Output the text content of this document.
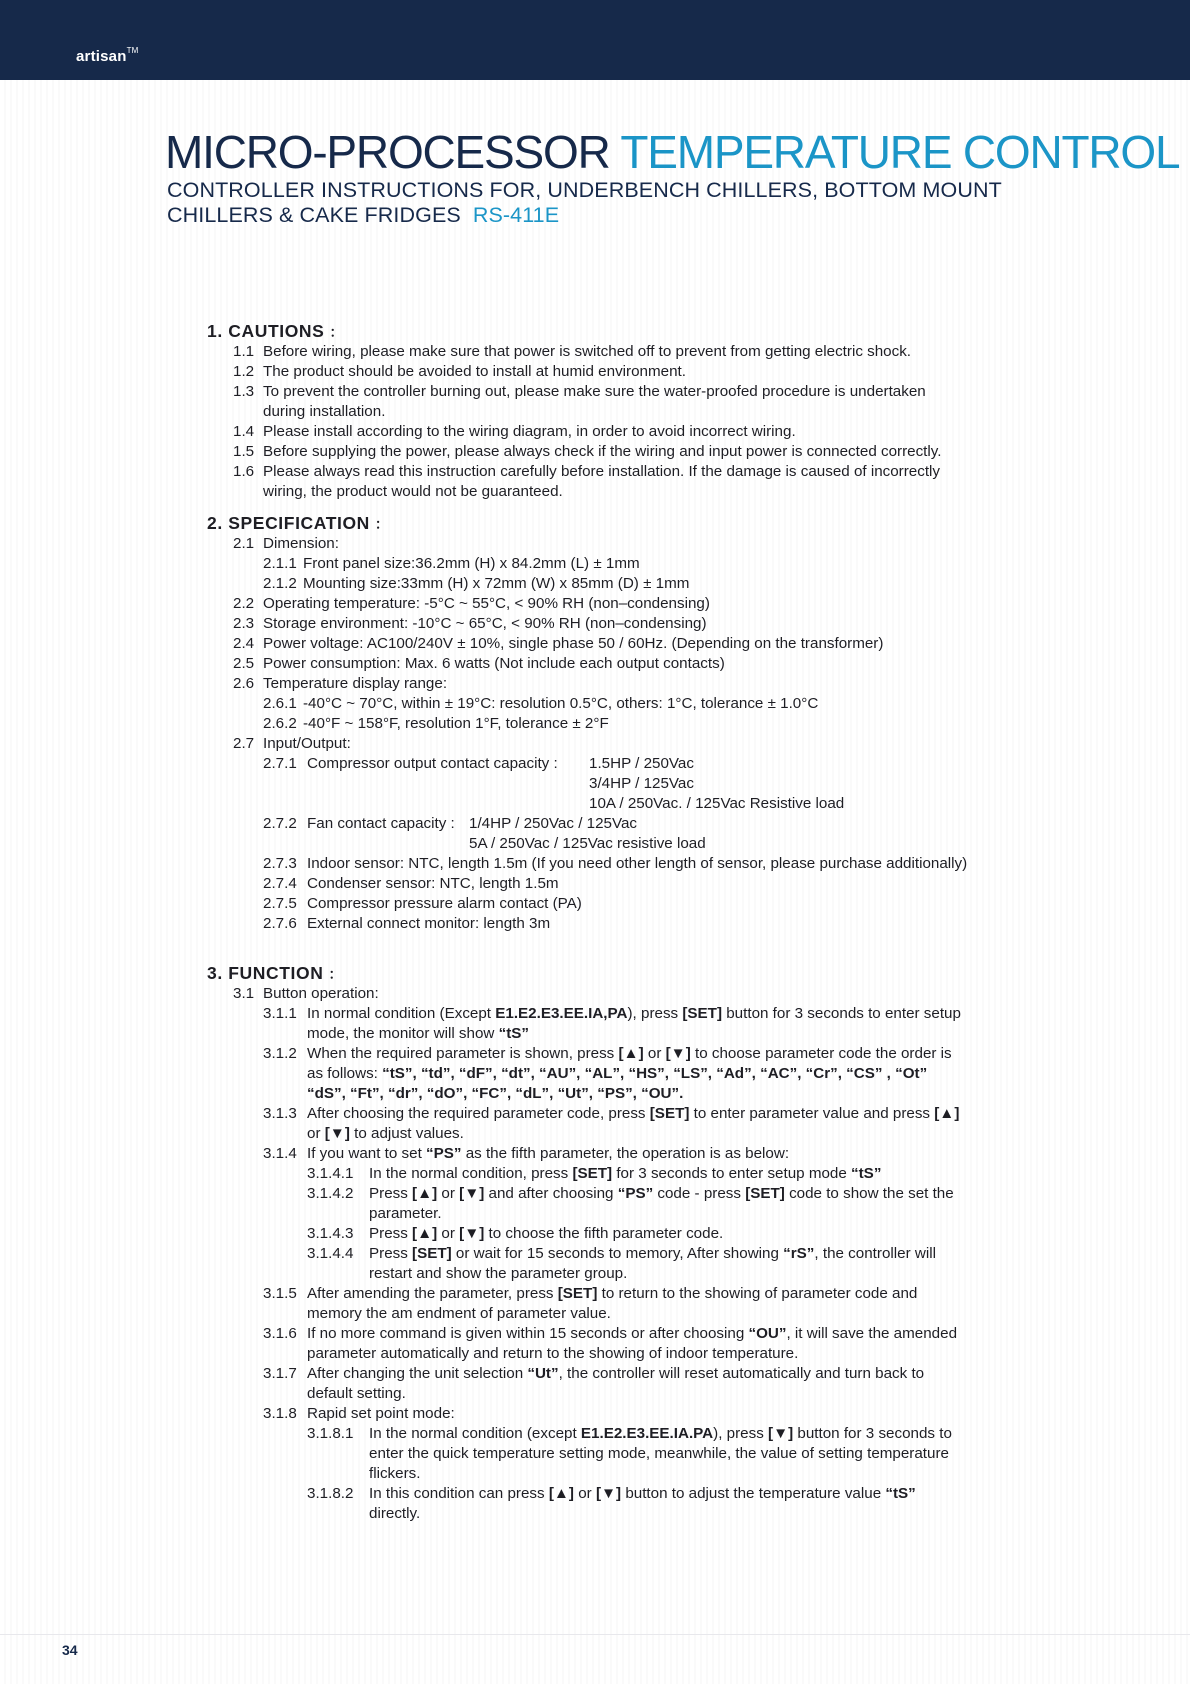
artisan™
MICRO-PROCESSOR TEMPERATURE CONTROL
CONTROLLER INSTRUCTIONS FOR, UNDERBENCH CHILLERS, BOTTOM MOUNT CHILLERS & CAKE FRIDGES RS-411E
1. CAUTIONS ：
1.1 Before wiring, please make sure that power is switched off to prevent from getting electric shock.
1.2 The product should be avoided to install at humid environment.
1.3 To prevent the controller burning out, please make sure the water-proofed procedure is undertaken during installation.
1.4 Please install according to the wiring diagram, in order to avoid incorrect wiring.
1.5 Before supplying the power, please always check if the wiring and input power is connected correctly.
1.6 Please always read this instruction carefully before installation. If the damage is caused of incorrectly wiring, the product would not be guaranteed.
2. SPECIFICATION ：
2.1 Dimension:
2.1.1 Front panel size:36.2mm (H) x 84.2mm (L) ± 1mm
2.1.2 Mounting size:33mm (H) x 72mm (W) x 85mm (D) ± 1mm
2.2 Operating temperature: -5°C ~ 55°C, < 90% RH (non–condensing)
2.3 Storage environment: -10°C ~ 65°C, < 90% RH (non–condensing)
2.4 Power voltage: AC100/240V ± 10%, single phase 50 / 60Hz. (Depending on the transformer)
2.5 Power consumption: Max. 6 watts (Not include each output contacts)
2.6 Temperature display range:
2.6.1 -40°C ~ 70°C, within ± 19°C: resolution 0.5°C, others: 1°C, tolerance ± 1.0°C
2.6.2 -40°F ~ 158°F, resolution 1°F, tolerance ± 2°F
2.7 Input/Output:
2.7.1 Compressor output contact capacity : 1.5HP / 250Vac
3/4HP / 125Vac
10A / 250Vac. / 125Vac Resistive load
2.7.2 Fan contact capacity : 1/4HP / 250Vac / 125Vac
5A / 250Vac / 125Vac resistive load
2.7.3 Indoor sensor: NTC, length 1.5m (If you need other length of sensor, please purchase additionally)
2.7.4 Condenser sensor: NTC, length 1.5m
2.7.5 Compressor pressure alarm contact (PA)
2.7.6 External connect monitor: length 3m
3. FUNCTION ：
3.1 Button operation:
3.1.1 In normal condition (Except E1.E2.E3.EE.IA,PA), press [SET] button for 3 seconds to enter setup mode, the monitor will show “tS”
3.1.2 When the required parameter is shown, press [▲] or [▼] to choose parameter code the order is as follows: “tS”, “td”, “dF”, “dt”, “AU”, “AL”, “HS”, “LS”, “Ad”, “AC”, “Cr”, “CS” , “Ot” “dS”, “Ft”, “dr”, “dO”, “FC”, “dL”, “Ut”, “PS”, “OU”.
3.1.3 After choosing the required parameter code, press [SET] to enter parameter value and press [▲] or [▼] to adjust values.
3.1.4 If you want to set “PS” as the fifth parameter, the operation is as below:
3.1.4.1 In the normal condition, press [SET] for 3 seconds to enter setup mode “tS”
3.1.4.2 Press [▲] or [▼] and after choosing “PS” code - press [SET] code to show the set the parameter.
3.1.4.3 Press [▲] or [▼] to choose the fifth parameter code.
3.1.4.4 Press [SET] or wait for 15 seconds to memory, After showing “rS”, the controller will restart and show the parameter group.
3.1.5 After amending the parameter, press [SET] to return to the showing of parameter code and memory the am endment of parameter value.
3.1.6 If no more command is given within 15 seconds or after choosing “OU”, it will save the amended parameter automatically and return to the showing of indoor temperature.
3.1.7 After changing the unit selection “Ut”, the controller will reset automatically and turn back to default setting.
3.1.8 Rapid set point mode:
3.1.8.1 In the normal condition (except E1.E2.E3.EE.IA.PA), press [▼] button for 3 seconds to enter the quick temperature setting mode, meanwhile, the value of setting temperature flickers.
3.1.8.2 In this condition can press [▲] or [▼] button to adjust the temperature value “tS” directly.
34
